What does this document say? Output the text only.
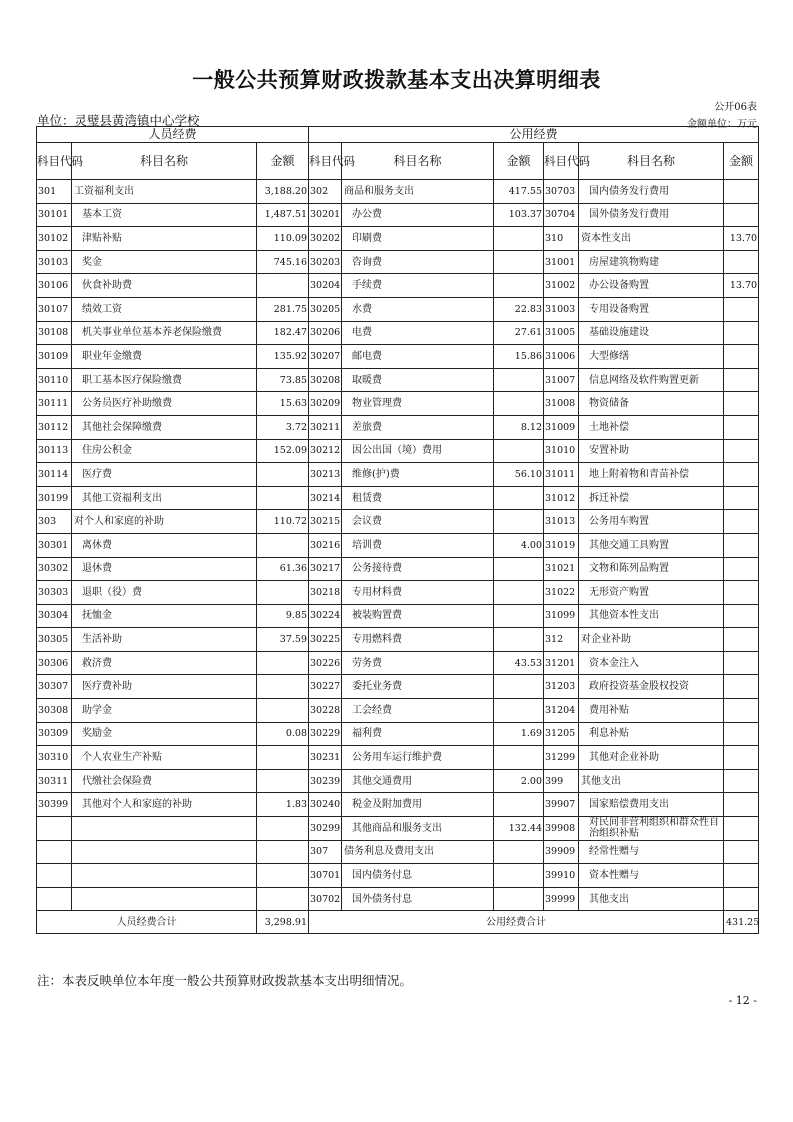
一般公共预算财政拨款基本支出决算明细表
公开06表
单位：灵璧县黄湾镇中心学校	金额单位：万元
人员经费			公用经费					
科目代码	科目名称	金额	科目代码	科目名称	金额	科目代码	科目名称	金额
301	工资福利支出	3,188.20	302	商品和服务支出	417.55	30703	国内债务发行费用	
30101	基本工资	1,487.51	30201	办公费	103.37	30704	国外债务发行费用	
30102	津贴补贴	110.09	30202	印刷费		310	资本性支出	13.70
30103	奖金	745.16	30203	咨询费		31001	房屋建筑物购建	
30106	伙食补助费		30204	手续费		31002	办公设备购置	13.70
30107	绩效工资	281.75	30205	水费	22.83	31003	专用设备购置	
30108	机关事业单位基本养老保险缴费	182.47	30206	电费	27.61	31005	基础设施建设	
30109	职业年金缴费	135.92	30207	邮电费	15.86	31006	大型修缮	
30110	职工基本医疗保险缴费	73.85	30208	取暖费		31007	信息网络及软件购置更新	
30111	公务员医疗补助缴费	15.63	30209	物业管理费		31008	物资储备	
30112	其他社会保障缴费	3.72	30211	差旅费	8.12	31009	土地补偿	
30113	住房公积金	152.09	30212	因公出国（境）费用		31010	安置补助	
30114	医疗费		30213	维修(护)费	56.10	31011	地上附着物和青苗补偿	
30199	其他工资福利支出		30214	租赁费		31012	拆迁补偿	
303	对个人和家庭的补助	110.72	30215	会议费		31013	公务用车购置	
30301	离休费		30216	培训费	4.00	31019	其他交通工具购置	
30302	退休费	61.36	30217	公务接待费		31021	文物和陈列品购置	
30303	退职（役）费		30218	专用材料费		31022	无形资产购置	
30304	抚恤金	9.85	30224	被装购置费		31099	其他资本性支出	
30305	生活补助	37.59	30225	专用燃料费		312	对企业补助	
30306	救济费		30226	劳务费	43.53	31201	资本金注入	
30307	医疗费补助		30227	委托业务费		31203	政府投资基金股权投资	
30308	助学金		30228	工会经费		31204	费用补贴	
30309	奖励金	0.08	30229	福利费	1.69	31205	利息补贴	
30310	个人农业生产补贴		30231	公务用车运行维护费		31299	其他对企业补助	
30311	代缴社会保险费		30239	其他交通费用	2.00	399	其他支出	
30399	其他对个人和家庭的补助	1.83	30240	税金及附加费用		39907	国家赔偿费用支出	
			30299	其他商品和服务支出	132.44	39908	对民间非营利组织和群众性自治组织补贴	
			307	债务利息及费用支出		39909	经常性赠与	
			30701	国内债务付息		39910	资本性赠与	
			30702	国外债务付息		39999	其他支出	
人员经费合计		3,298.91	公用经费合计					431.25
注：本表反映单位本年度一般公共预算财政拨款基本支出明细情况。
- 12 -
